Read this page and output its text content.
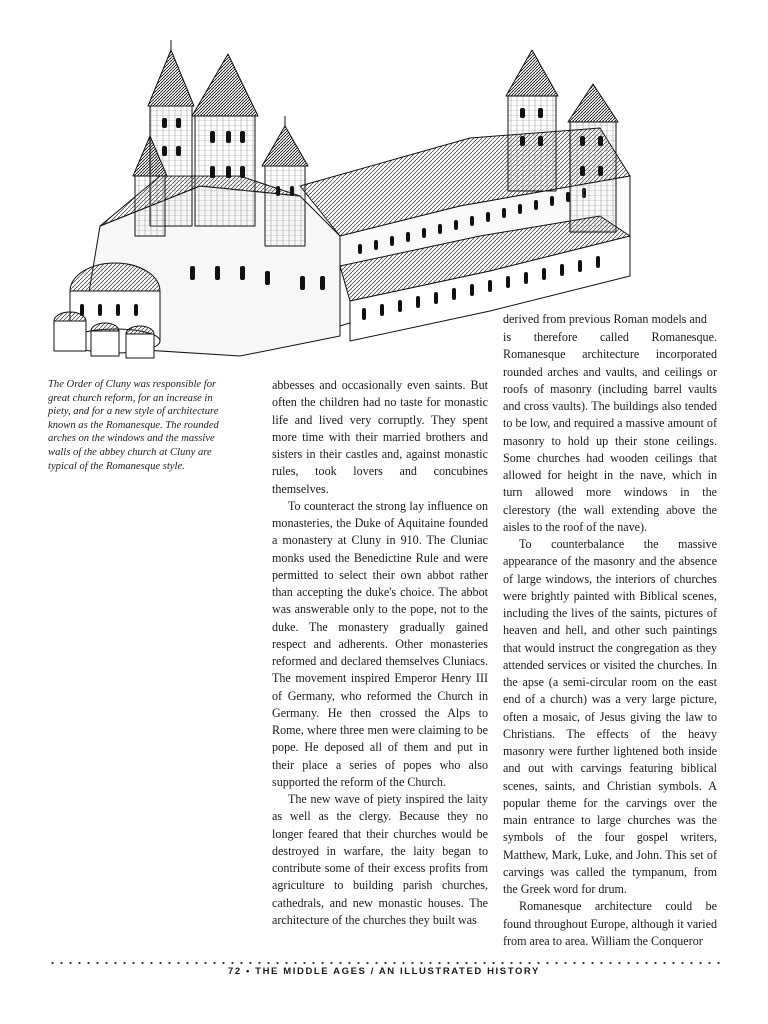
The Order of Cluny was responsible for great church reform, for an increase in piety, and for a new style of architecture known as the Romanesque. The rounded arches on the windows and the massive walls of the abbey church at Cluny are typical of the Romanesque style.

abbesses and occasionally even saints. But often the children had no taste for monastic life and lived very corruptly. They spent more time with their married brothers and sisters in their castles and, against monastic rules, took lovers and concubines themselves.

To counteract the strong lay influence on monasteries, the Duke of Aquitaine founded a monastery at Cluny in 910. The Cluniac monks used the Benedictine Rule and were permitted to select their own abbot rather than accepting the duke's choice. The abbot was answerable only to the pope, not to the duke. The monastery gradually gained respect and adherents. Other monasteries reformed and declared themselves Cluniacs. The movement inspired Emperor Henry III of Germany, who reformed the Church in Germany. He then crossed the Alps to Rome, where three men were claiming to be pope. He deposed all of them and put in their place a series of popes who also supported the reform of the Church.

The new wave of piety inspired the laity as well as the clergy. Because they no longer feared that their churches would be destroyed in warfare, the laity began to contribute some of their excess profits from agriculture to building parish churches, cathedrals, and new monastic houses. The architecture of the churches they built was

derived from previous Roman models and

is therefore called Romanesque. Romanesque architecture incorporated rounded arches and vaults, and ceilings or roofs of masonry (including barrel vaults and cross vaults). The buildings also tended to be low, and required a massive amount of masonry to hold up their stone ceilings. Some churches had wooden ceilings that allowed for height in the nave, which in turn allowed more windows in the clerestory (the wall extending above the aisles to the roof of the nave).

To counterbalance the massive appearance of the masonry and the absence of large windows, the interiors of churches were brightly painted with Biblical scenes, including the lives of the saints, pictures of heaven and hell, and other such paintings that would instruct the congregation as they attended services or visited the churches. In the apse (a semi-circular room on the east end of a church) was a very large picture, often a mosaic, of Jesus giving the law to Christians. The effects of the heavy masonry were further lightened both inside and out with carvings featuring biblical scenes, saints, and Christian symbols. A popular theme for the carvings over the main entrance to large churches was the symbols of the four gospel writers, Matthew, Mark, Luke, and John. This set of carvings was called the tympanum, from the Greek word for drum.

Romanesque architecture could be found throughout Europe, although it varied from area to area. William the Conqueror

72 • THE MIDDLE AGES / AN ILLUSTRATED HISTORY
